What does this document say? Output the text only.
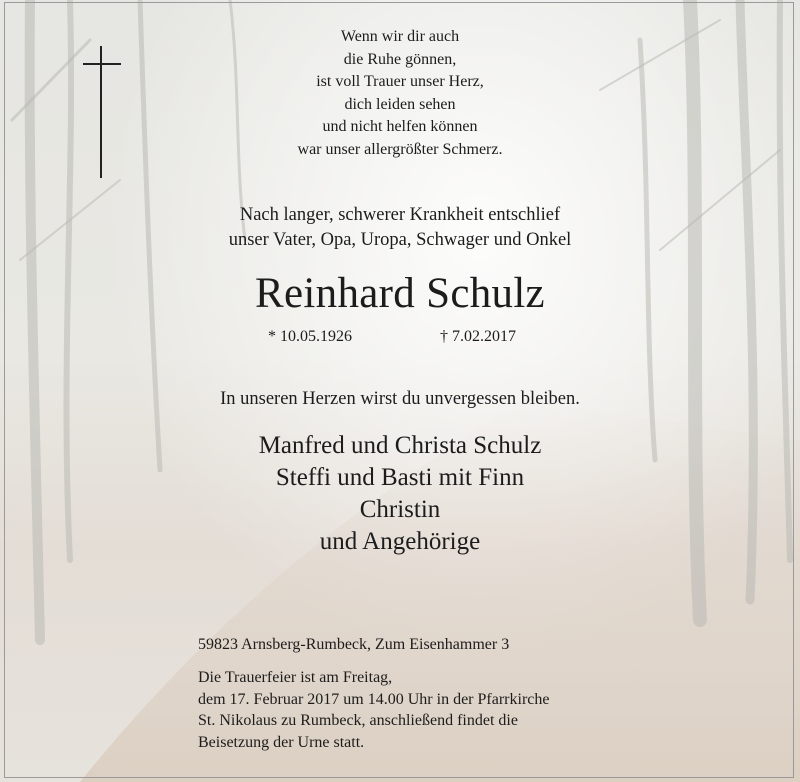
Wenn wir dir auch
die Ruhe gönnen,
ist voll Trauer unser Herz,
dich leiden sehen
und nicht helfen können
war unser allergrößter Schmerz.
Nach langer, schwerer Krankheit entschlief
unser Vater, Opa, Uropa, Schwager und Onkel
Reinhard Schulz
* 10.05.1926	† 7.02.2017
In unseren Herzen wirst du unvergessen bleiben.
Manfred und Christa Schulz
Steffi und Basti mit Finn
Christin
und Angehörige
59823 Arnsberg-Rumbeck, Zum Eisenhammer 3
Die Trauerfeier ist am Freitag,
dem 17. Februar 2017 um 14.00 Uhr in der Pfarrkirche
St. Nikolaus zu Rumbeck, anschließend findet die
Beisetzung der Urne statt.
